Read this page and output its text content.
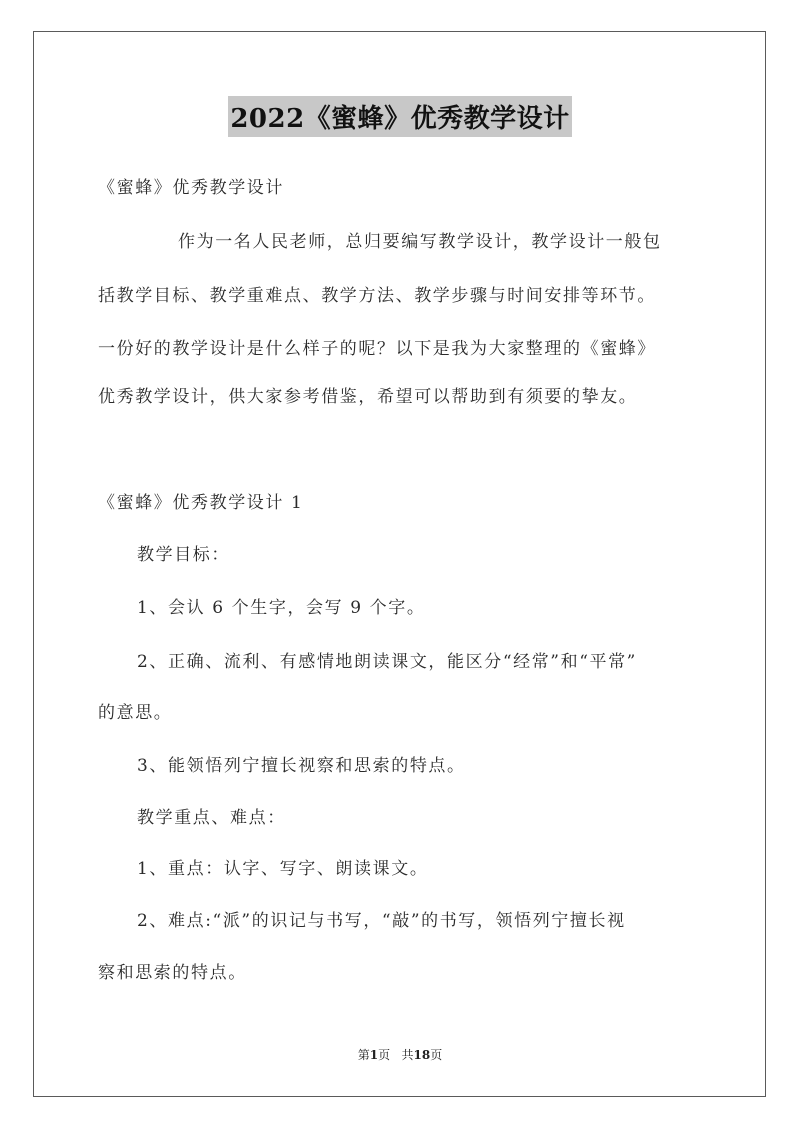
2022《蜜蜂》优秀教学设计
《蜜蜂》优秀教学设计
作为一名人民老师，总归要编写教学设计，教学设计一般包
括教学目标、教学重难点、教学方法、教学步骤与时间安排等环节。
一份好的教学设计是什么样子的呢？以下是我为大家整理的《蜜蜂》
优秀教学设计，供大家参考借鉴，希望可以帮助到有须要的挚友。
《蜜蜂》优秀教学设计 1
教学目标：
1、会认 6 个生字，会写 9 个字。
2、正确、流利、有感情地朗读课文，能区分“经常”和“平常”
的意思。
3、能领悟列宁擅长视察和思索的特点。
教学重点、难点：
1、重点：认字、写字、朗读课文。
2、难点:“派”的识记与书写，“敲”的书写，领悟列宁擅长视
察和思索的特点。
第1页   共18页
